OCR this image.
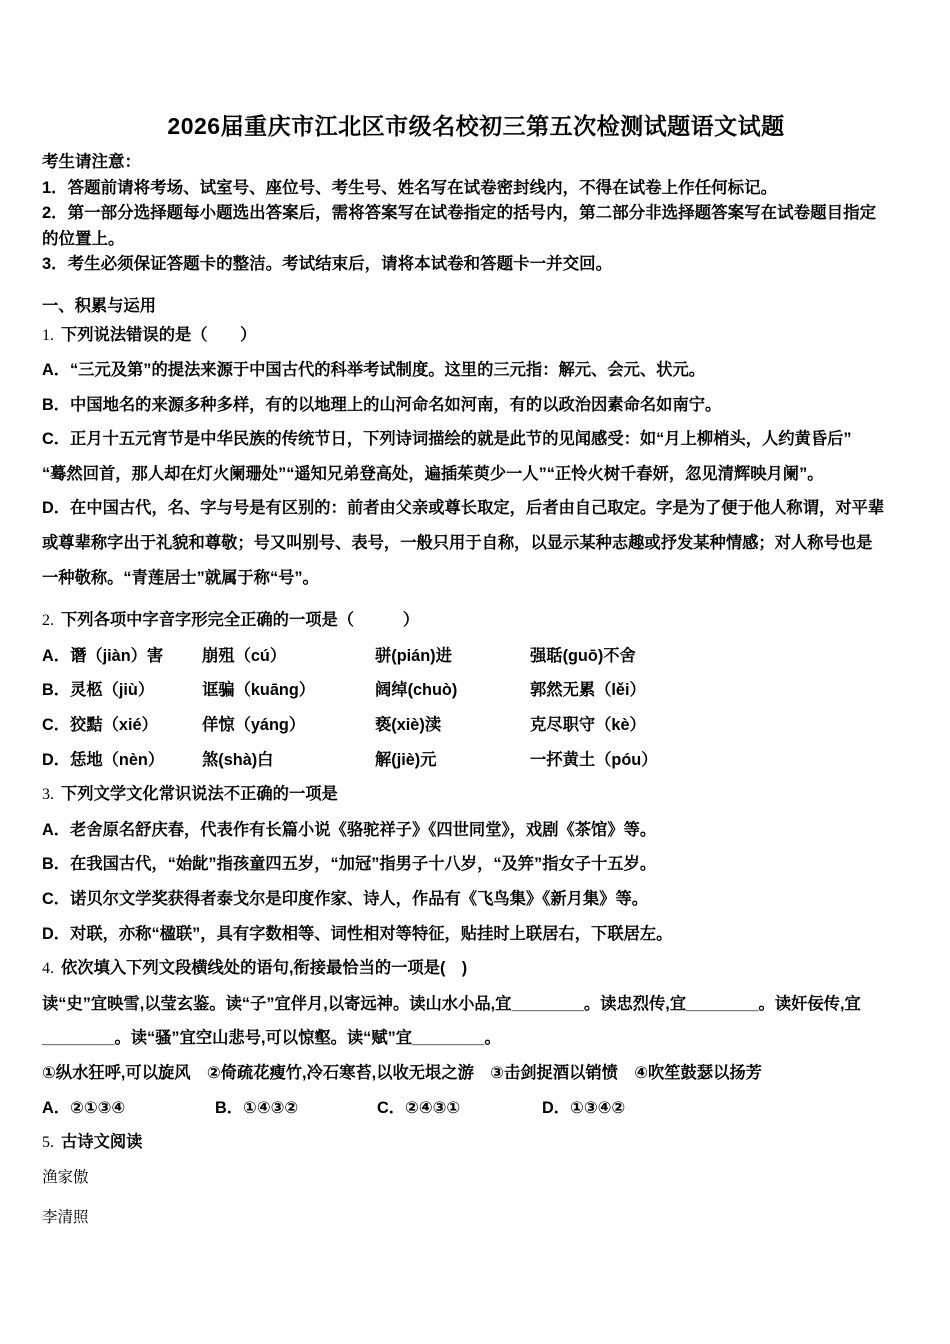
2026届重庆市江北区市级名校初三第五次检测试题语文试题
考生请注意：
1．答题前请将考场、试室号、座位号、考生号、姓名写在试卷密封线内，不得在试卷上作任何标记。
2．第一部分选择题每小题选出答案后，需将答案写在试卷指定的括号内，第二部分非选择题答案写在试卷题目指定
的位置上。
3．考生必须保证答题卡的整洁。考试结束后，请将本试卷和答题卡一并交回。
一、积累与运用
1. 下列说法错误的是（　　）
A．“三元及第”的提法来源于中国古代的科举考试制度。这里的三元指：解元、会元、状元。
B．中国地名的来源多种多样，有的以地理上的山河命名如河南，有的以政治因素命名如南宁。
C．正月十五元宵节是中华民族的传统节日，下列诗词描绘的就是此节的见闻感受：如“月上柳梢头，人约黄昏后”
“蓦然回首，那人却在灯火阑珊处”“遥知兄弟登高处，遍插茱萸少一人”“正怜火树千春妍，忽见清辉映月阑”。
D．在中国古代，名、字与号是有区别的：前者由父亲或尊长取定，后者由自己取定。字是为了便于他人称谓，对平辈
或尊辈称字出于礼貌和尊敬；号又叫别号、表号，一般只用于自称，以显示某种志趣或抒发某种情感；对人称号也是
一种敬称。“青莲居士”就属于称“号”。
2. 下列各项中字音字形完全正确的一项是（　　　）
A．谮（jiàn）害	崩殂（cú）	骈(pián)进	强聒(guō)不舍
B．灵柩（jiù）	诓骗（kuāng）	阔绰(chuò)	郭然无累（lěi）
C．狡黠（xié）	佯惊（yáng）	亵(xiè)渎	克尽职守（kè）
D．恁地（nèn）	煞(shà)白	解(jiè)元	一抔黄土（póu）
3. 下列文学文化常识说法不正确的一项是
A．老舍原名舒庆春，代表作有长篇小说《骆驼祥子》《四世同堂》，戏剧《茶馆》等。
B．在我国古代，“始龀”指孩童四五岁，“加冠”指男子十八岁，“及笄”指女子十五岁。
C．诺贝尔文学奖获得者泰戈尔是印度作家、诗人，作品有《飞鸟集》《新月集》等。
D．对联，亦称“楹联”，具有字数相等、词性相对等特征，贴挂时上联居右，下联居左。
4. 依次填入下列文段横线处的语句,衔接最恰当的一项是(　)
读“史”宜映雪,以莹玄鉴。读“子”宜伴月,以寄远神。读山水小品,宜________。读忠烈传,宜________。读奸佞传,宜
________。读“骚”宜空山悲号,可以惊壑。读“赋”宜________。
①纵水狂呼,可以旋风　②倚疏花瘦竹,冷石寒苔,以收无垠之游　③击剑捉酒以销愤　④吹笙鼓瑟以扬芳
A．②①③④	B．①④③②	C．②④③①	D．①③④②
5. 古诗文阅读
渔家傲
李清照
